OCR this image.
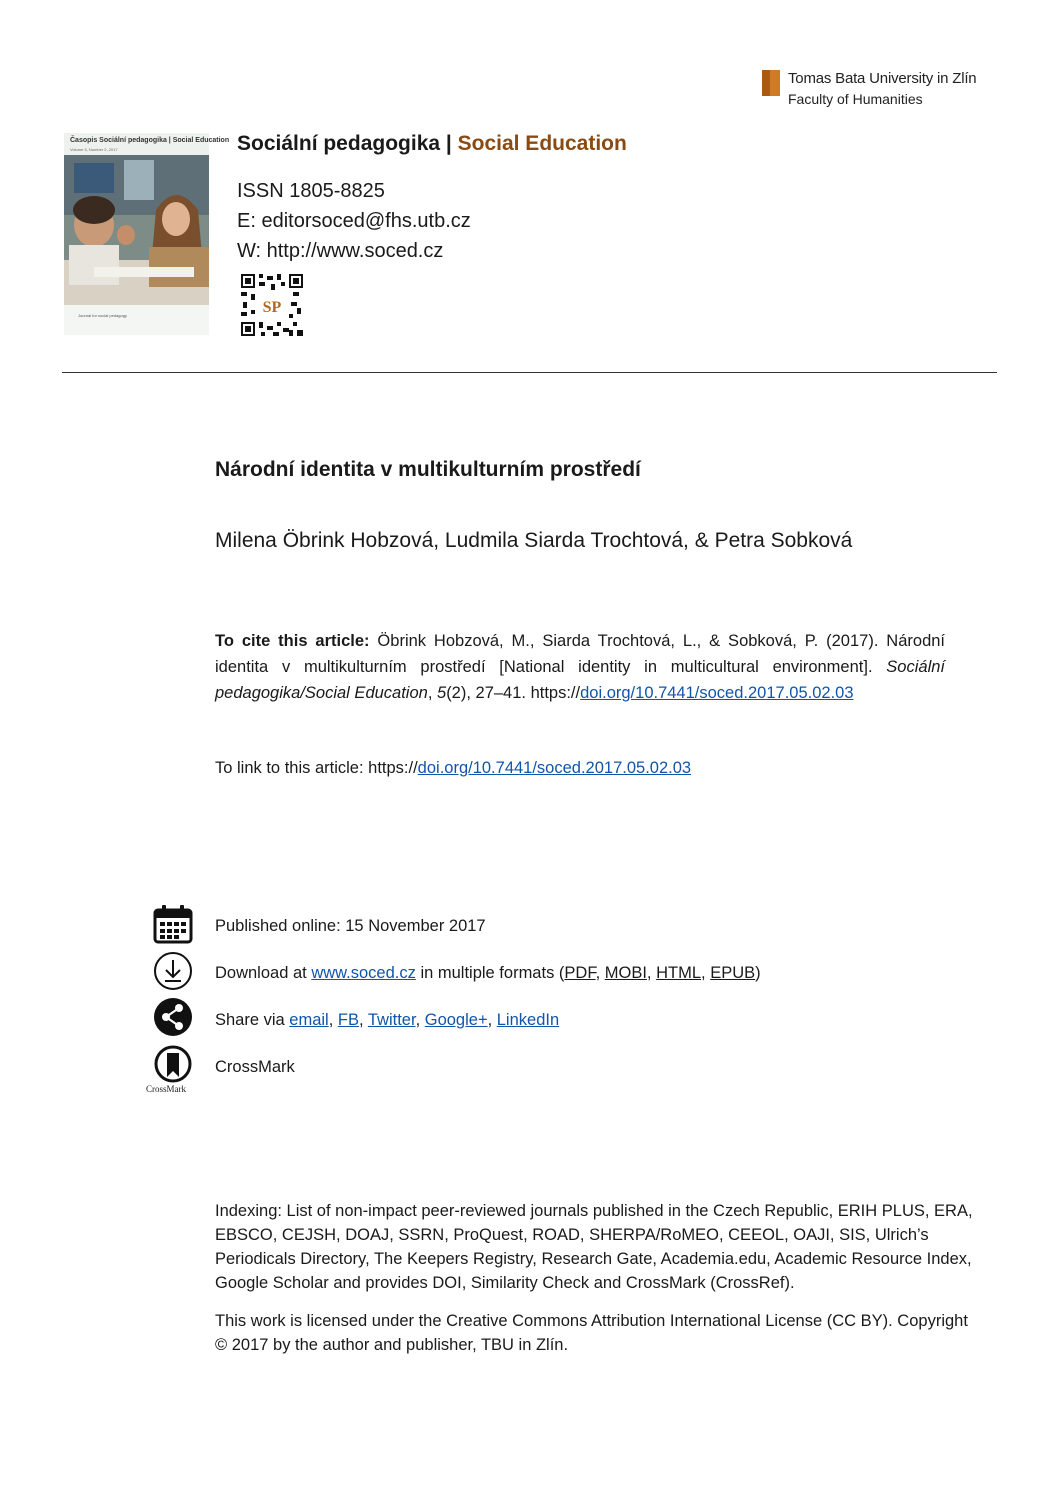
Tomas Bata University in Zlín
Faculty of Humanities
Časopis Sociální pedagogika | Social Education
Volume 5, Number 2, 2017
Journal for social pedagogy
Sociální pedagogika | Social Education
ISSN 1805-8825
E: editorsoced@fhs.utb.cz
W: http://www.soced.cz
SP
Národní identita v multikulturním prostředí
Milena Öbrink Hobzová, Ludmila Siarda Trochtová, & Petra Sobková
To cite this article: Öbrink Hobzová, M., Siarda Trochtová, L., & Sobková, P. (2017). Národní identita v multikulturním prostředí [National identity in multicultural environment]. Sociální pedagogika/Social Education, 5(2), 27–41. https://doi.org/10.7441/soced.2017.05.02.03
To link to this article: https://doi.org/10.7441/soced.2017.05.02.03
Published online: 15 November 2017
Download at www.soced.cz in multiple formats (PDF, MOBI, HTML, EPUB)
Share via email, FB, Twitter, Google+, LinkedIn
CrossMark
CrossMark
Indexing: List of non-impact peer-reviewed journals published in the Czech Republic, ERIH PLUS, ERA, EBSCO, CEJSH, DOAJ, SSRN, ProQuest, ROAD, SHERPA/RoMEO, CEEOL, OAJI, SIS, Ulrich’s Periodicals Directory, The Keepers Registry, Research Gate, Academia.edu, Academic Resource Index, Google Scholar and provides DOI, Similarity Check and CrossMark (CrossRef).
This work is licensed under the Creative Commons Attribution International License (CC BY). Copyright © 2017 by the author and publisher, TBU in Zlín.
